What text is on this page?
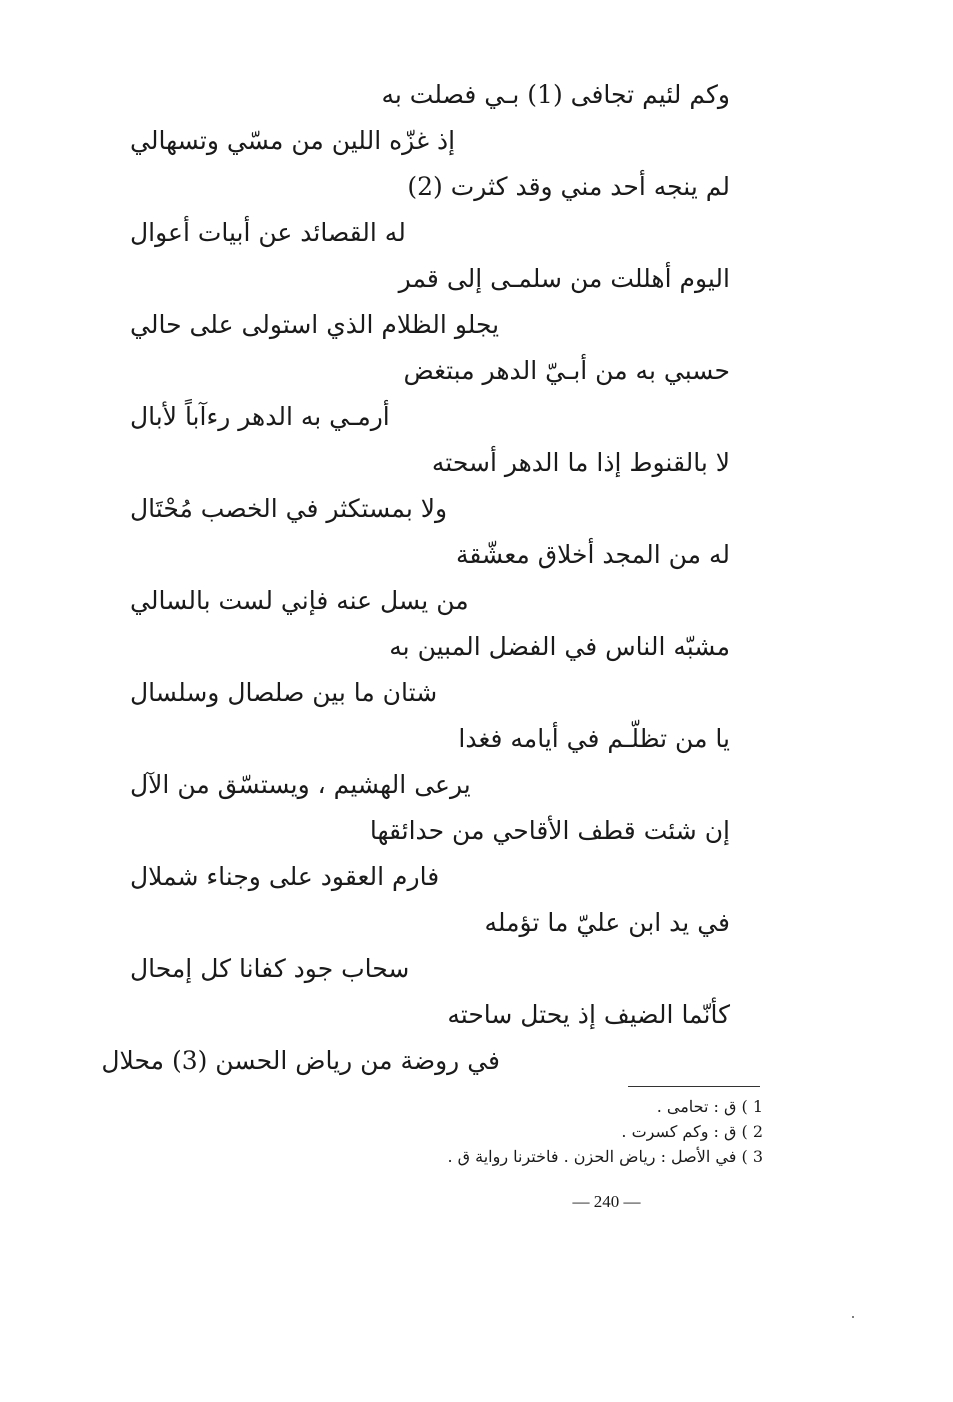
وكم لئيم تجافى (1) بـي فصلت به
إذ غزّه اللين من مسّي وتسهالي
لم ينجه أحد مني وقد كثرت (2)
له القصائد عن أبيات أعوال
اليوم أهللت من سلمـى إلى قمر
يجلو الظلام الذي استولى على حالي
حسبي به من أبـيّ الدهر مبتغض
أرمـي به الدهر رءآباً لأبال
لا بالقنوط إذا ما الدهر أسحته
ولا بمستكثر في الخصب مُحْتَال
له من المجد أخلاق معشّقة
من يسل عنه فإني لست بالسالي
مشبّه الناس في الفضل المبين به
شتان ما بين صلصال وسلسال
يا من تظلّـم في أيامه فغدا
يرعى الهشيم ، ويستسّق من الآل
إن شئت قطف الأقاحي من حدائقها
فارم العقود على وجناء شملال
في يد ابن عليّ ما تؤمله
سحاب جود كفانا كل إمحال
كأنّما الضيف إذ يحتل ساحته
في روضة من رياض الحسن (3) محلال
1 ) ق : تحامى .
2 ) ق : وكم كسرت .
3 ) في الأصل : رياض الحزن . فاخترنا رواية ق .
— 240 —
